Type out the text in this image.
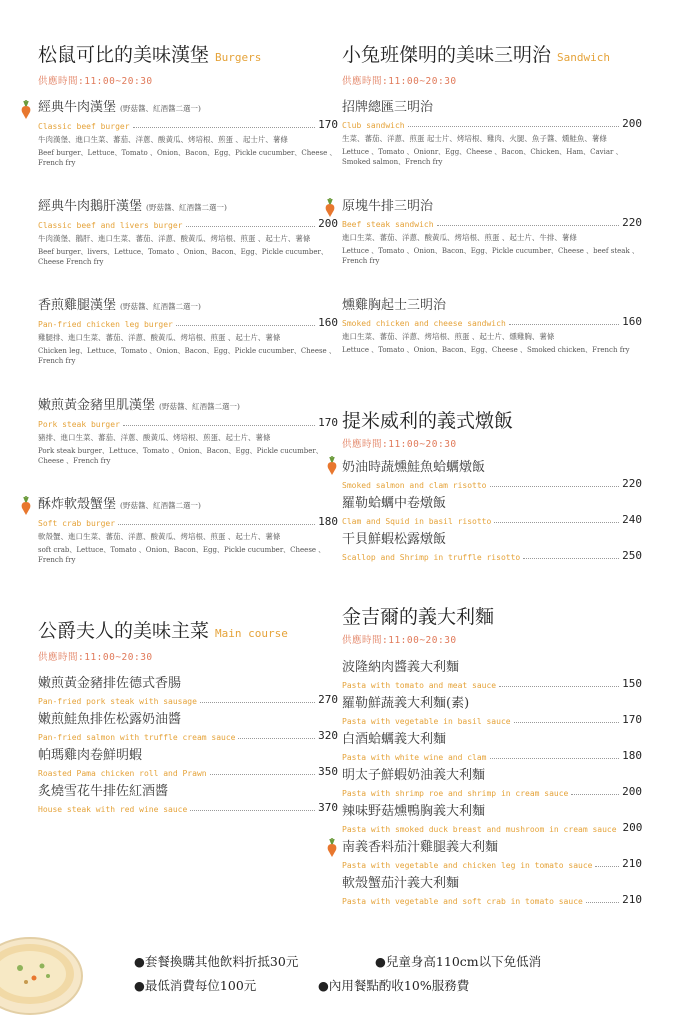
松鼠可比的美味漢堡 Burgers
供應時間:11:00~20:30
經典牛肉漢堡 (野菇醬、紅酒醬二選一)
Classic beef burger	170
牛肉漢堡、進口生菜、蕃茄、洋蔥、酸黃瓜、烤培根、煎蛋 、起士片、薯條
Beef burger、Lettuce、Tomato 、Onion、Bacon、Egg、Pickle cucumber、Cheese 、French fry
經典牛肉鵝肝漢堡 (野菇醬、紅酒醬二選一)
Classic beef and livers burger	200
牛肉漢堡、鵝肝、進口生菜、蕃茄、洋蔥、酸黃瓜、烤培根、煎蛋 、起士片、薯條
Beef burger、livers、Lettuce、Tomato 、Onion、Bacon、Egg、Pickle cucumber、Cheese French fry
香煎雞腿漢堡 (野菇醬、紅酒醬二選一)
Pan-fried chicken leg burger	160
雞腿排、進口生菜、蕃茄、洋蔥、酸黃瓜、烤培根、煎蛋 、起士片、薯條
Chicken leg、Lettuce、Tomato 、Onion、Bacon、Egg、Pickle cucumber、Cheese 、French fry
嫩煎黃金豬里肌漢堡 (野菇醬、紅酒醬二選一)
Pork steak burger	170
豬排、進口生菜、蕃茄、洋蔥、酸黃瓜、烤培根、煎蛋、起士片、薯條
Pork steak burger、Lettuce、Tomato 、Onion、Bacon、Egg、Pickle cucumber、Cheese 、French fry
酥炸軟殼蟹堡 (野菇醬、紅酒醬二選一)
Soft crab burger	180
軟殼蟹、進口生菜、蕃茄、洋蔥、酸黃瓜、烤培根、煎蛋 、起士片、薯條
soft crab、Lettuce、Tomato 、Onion、Bacon、Egg、Pickle cucumber、Cheese 、French fry
公爵夫人的美味主菜 Main course
供應時間:11:00~20:30
嫩煎黃金豬排佐德式香腸
Pan-fried pork steak with sausage	270
嫩煎鮭魚排佐松露奶油醬
Pan-fried salmon with truffle cream sauce	320
帕瑪雞肉卷鮮明蝦
Roasted Pama chicken roll and Prawn	350
炙燒雪花牛排佐紅酒醬
House steak with red wine sauce	370
小兔班傑明的美味三明治 Sandwich
供應時間:11:00~20:30
招牌總匯三明治
Club sandwich	200
生菜、蕃茄、洋蔥、煎蛋 起士片、烤培根、雞肉、火腿、魚子醬、燻鮭魚、薯條
Lettuce 、Tomato 、Onionr、Egg、Cheese 、Bacon、Chicken、Ham、Caviar 、Smoked salmon、French fry
原塊牛排三明治
Beef steak sandwich	220
進口生菜、蕃茄、洋蔥、酸黃瓜、烤培根、煎蛋 、起士片、牛排、薯條
Lettuce 、Tomato 、Onion、Bacon、Egg、Pickle cucumber、Cheese 、beef steak 、French fry
燻雞胸起士三明治
Smoked chicken and cheese sandwich	160
進口生菜、蕃茄、洋蔥、烤培根、煎蛋 、起士片、燻雞胸、薯條
Lettuce 、Tomato 、Onion、Bacon、Egg、Cheese 、Smoked chicken、French fry
提米威利的義式燉飯
供應時間:11:00~20:30
奶油時蔬燻鮭魚蛤蠣燉飯
Smoked salmon and clam risotto	220
羅勒蛤蠣中卷燉飯
Clam and Squid in basil risotto	240
干貝鮮蝦松露燉飯
Scallop and Shrimp in truffle risotto	250
金吉爾的義大利麵
供應時間:11:00~20:30
波隆納肉醬義大利麵
Pasta with tomato and meat sauce	150
羅勒鮮蔬義大利麵(素)
Pasta with vegetable in basil sauce	170
白酒蛤蠣義大利麵
Pasta with white wine and clam	180
明太子鮮蝦奶油義大利麵
Pasta with shrimp roe and shrimp in cream sauce	200
辣味野菇燻鴨胸義大利麵
Pasta with smoked duck breast and mushroom in cream sauce 200
南義香料茄汁雞腿義大利麵
Pasta with vegetable and chicken leg in tomato sauce	210
軟殼蟹茄汁義大利麵
Pasta with vegetable and soft crab in tomato sauce	210
●套餐換購其他飲料折抵30元	●兒童身高110cm以下免低消
●最低消費每位100元	●內用餐點酌收10%服務費
